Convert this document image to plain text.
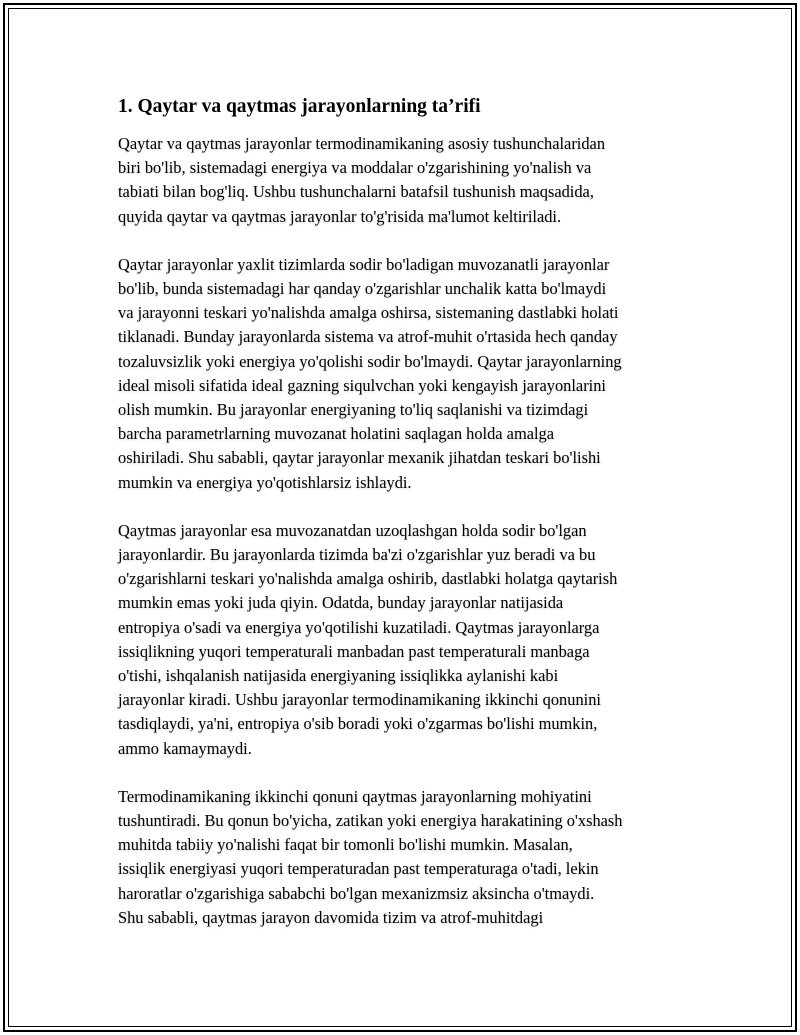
1. Qaytar va qaytmas jarayonlarning ta’rifi

Qaytar va qaytmas jarayonlar termodinamikaning asosiy tushunchalaridan
biri bo'lib, sistemadagi energiya va moddalar o'zgarishining yo'nalish va
tabiati bilan bog'liq. Ushbu tushunchalarni batafsil tushunish maqsadida,
quyida qaytar va qaytmas jarayonlar to'g'risida ma'lumot keltiriladi.

Qaytar jarayonlar yaxlit tizimlarda sodir bo'ladigan muvozanatli jarayonlar
bo'lib, bunda sistemadagi har qanday o'zgarishlar unchalik katta bo'lmaydi
va jarayonni teskari yo'nalishda amalga oshirsa, sistemaning dastlabki holati
tiklanadi. Bunday jarayonlarda sistema va atrof-muhit o'rtasida hech qanday
tozaluvsizlik yoki energiya yo'qolishi sodir bo'lmaydi. Qaytar jarayonlarning
ideal misoli sifatida ideal gazning siqulvchan yoki kengayish jarayonlarini
olish mumkin. Bu jarayonlar energiyaning to'liq saqlanishi va tizimdagi
barcha parametrlarning muvozanat holatini saqlagan holda amalga
oshiriladi. Shu sababli, qaytar jarayonlar mexanik jihatdan teskari bo'lishi
mumkin va energiya yo'qotishlarsiz ishlaydi.

Qaytmas jarayonlar esa muvozanatdan uzoqlashgan holda sodir bo'lgan
jarayonlardir. Bu jarayonlarda tizimda ba'zi o'zgarishlar yuz beradi va bu
o'zgarishlarni teskari yo'nalishda amalga oshirib, dastlabki holatga qaytarish
mumkin emas yoki juda qiyin. Odatda, bunday jarayonlar natijasida
entropiya o'sadi va energiya yo'qotilishi kuzatiladi. Qaytmas jarayonlarga
issiqlikning yuqori temperaturali manbadan past temperaturali manbaga
o'tishi, ishqalanish natijasida energiyaning issiqlikka aylanishi kabi
jarayonlar kiradi. Ushbu jarayonlar termodinamikaning ikkinchi qonunini
tasdiqlaydi, ya'ni, entropiya o'sib boradi yoki o'zgarmas bo'lishi mumkin,
ammo kamaymaydi.

Termodinamikaning ikkinchi qonuni qaytmas jarayonlarning mohiyatini
tushuntiradi. Bu qonun bo'yicha, zatikan yoki energiya harakatining o'xshash
muhitda tabiiy yo'nalishi faqat bir tomonli bo'lishi mumkin. Masalan,
issiqlik energiyasi yuqori temperaturadan past temperaturaga o'tadi, lekin
haroratlar o'zgarishiga sababchi bo'lgan mexanizmsiz aksincha o'tmaydi.
Shu sababli, qaytmas jarayon davomida tizim va atrof-muhitdagi
